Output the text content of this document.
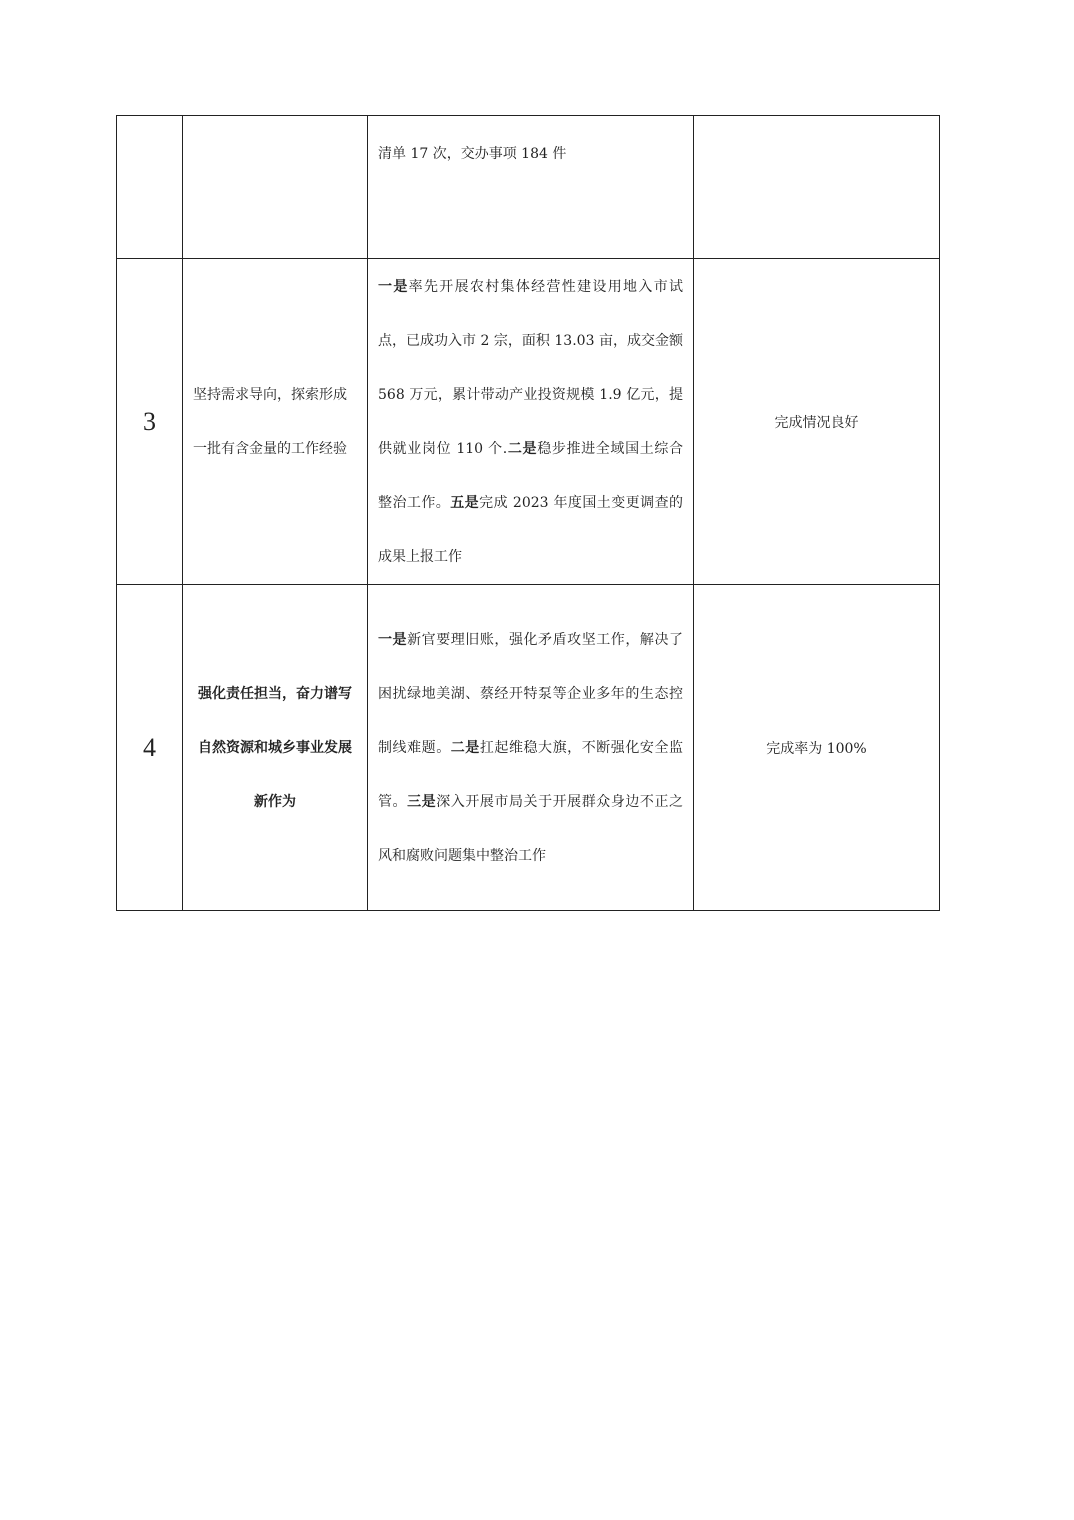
		清单 17 次，交办事项 184 件	
3	坚持需求导向，探索形成一批有含金量的工作经验	一是率先开展农村集体经营性建设用地入市试点，已成功入市 2 宗，面积 13.03 亩，成交金额 568 万元，累计带动产业投资规模 1.9 亿元，提供就业岗位 110 个.二是稳步推进全域国土综合整治工作。五是完成 2023 年度国土变更调查的成果上报工作	完成情况良好
4	强化责任担当，奋力谱写自然资源和城乡事业发展新作为	一是新官要理旧账，强化矛盾攻坚工作，解决了困扰绿地美湖、蔡经开特泵等企业多年的生态控制线难题。二是扛起维稳大旗，不断强化安全监管。三是深入开展市局关于开展群众身边不正之风和腐败问题集中整治工作	完成率为 100%
